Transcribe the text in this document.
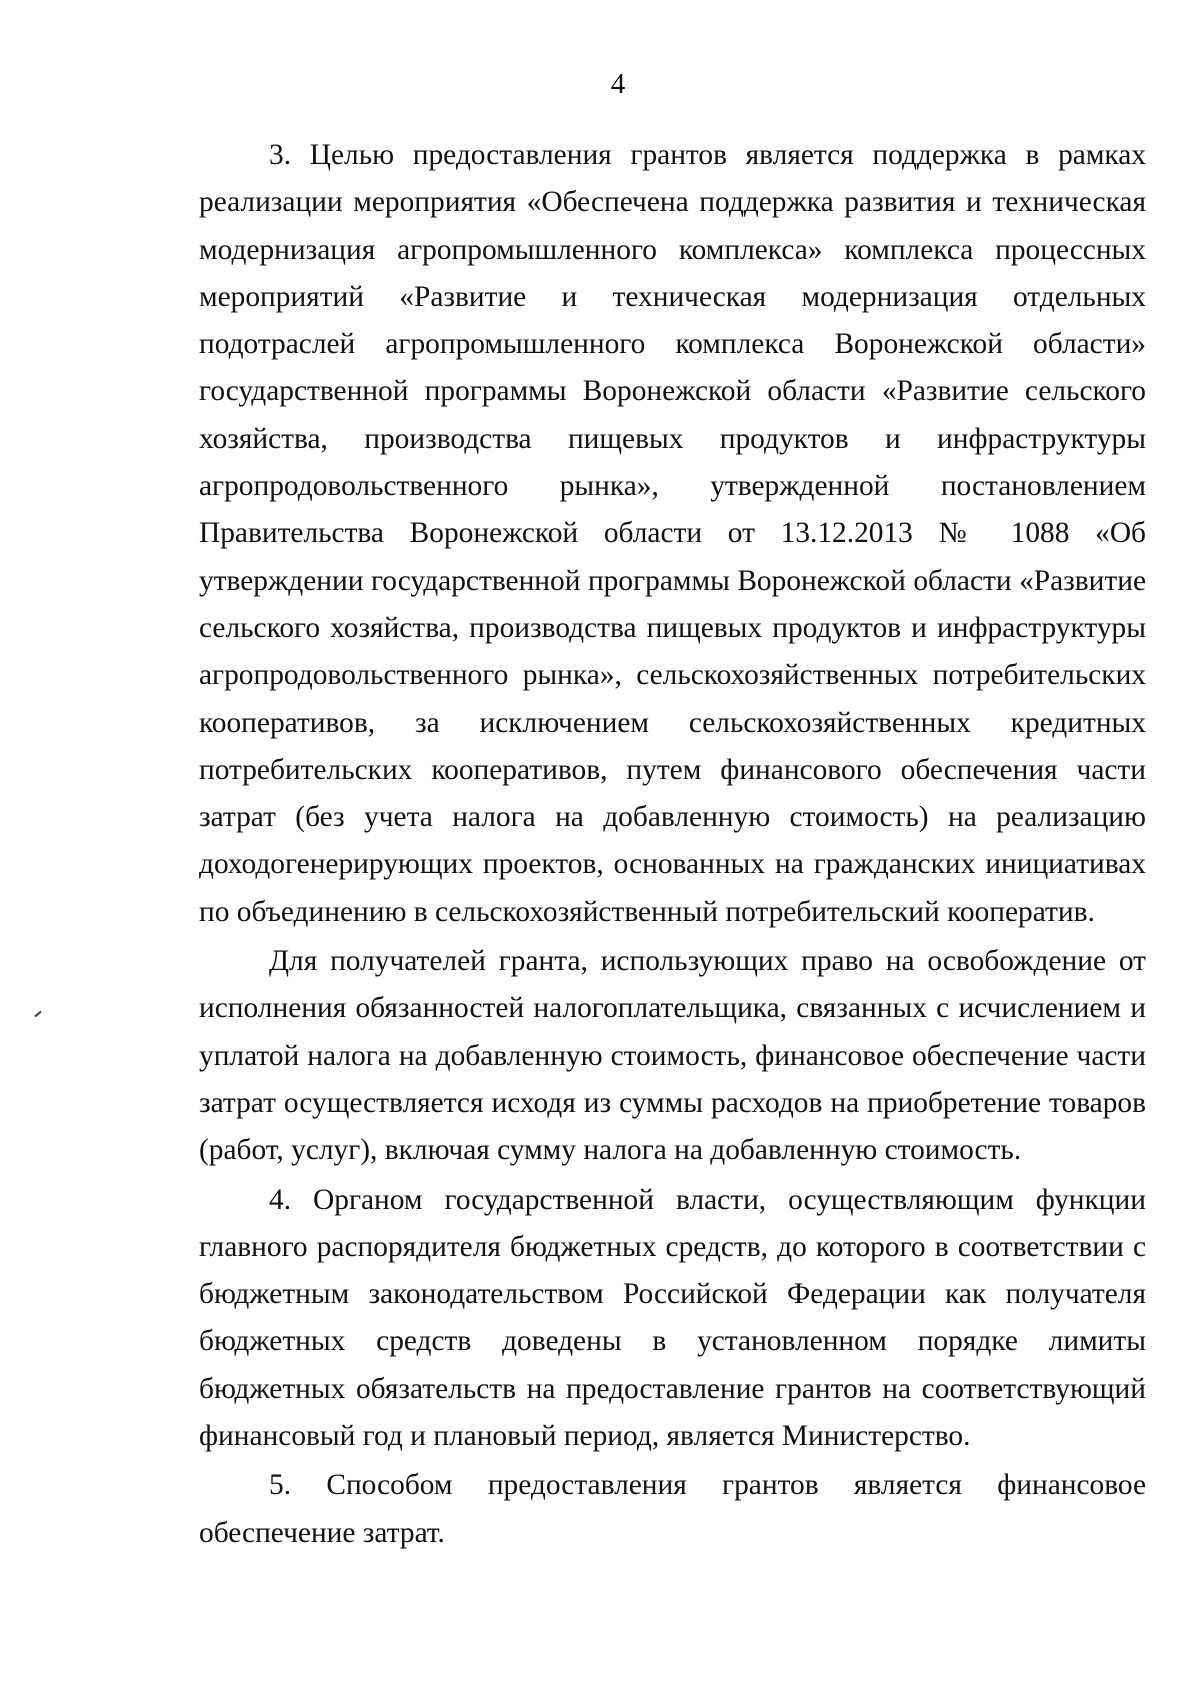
4

3. Целью предоставления грантов является поддержка в рамках реализации мероприятия «Обеспечена поддержка развития и техническая модернизация агропромышленного комплекса» комплекса процессных мероприятий «Развитие и техническая модернизация отдельных подотраслей агропромышленного комплекса Воронежской области» государственной программы Воронежской области «Развитие сельского хозяйства, производства пищевых продуктов и инфраструктуры агропродовольственного рынка», утвержденной постановлением Правительства Воронежской области от 13.12.2013 № 1088 «Об утверждении государственной программы Воронежской области «Развитие сельского хозяйства, производства пищевых продуктов и инфраструктуры агропродовольственного рынка», сельскохозяйственных потребительских кооперативов, за исключением сельскохозяйственных кредитных потребительских кооперативов, путем финансового обеспечения части затрат (без учета налога на добавленную стоимость) на реализацию доходогенерирующих проектов, основанных на гражданских инициативах по объединению в сельскохозяйственный потребительский кооператив.

Для получателей гранта, использующих право на освобождение от исполнения обязанностей налогоплательщика, связанных с исчислением и уплатой налога на добавленную стоимость, финансовое обеспечение части затрат осуществляется исходя из суммы расходов на приобретение товаров (работ, услуг), включая сумму налога на добавленную стоимость.

4. Органом государственной власти, осуществляющим функции главного распорядителя бюджетных средств, до которого в соответствии с бюджетным законодательством Российской Федерации как получателя бюджетных средств доведены в установленном порядке лимиты бюджетных обязательств на предоставление грантов на соответствующий финансовый год и плановый период, является Министерство.

5. Способом предоставления грантов является финансовое обеспечение затрат.
